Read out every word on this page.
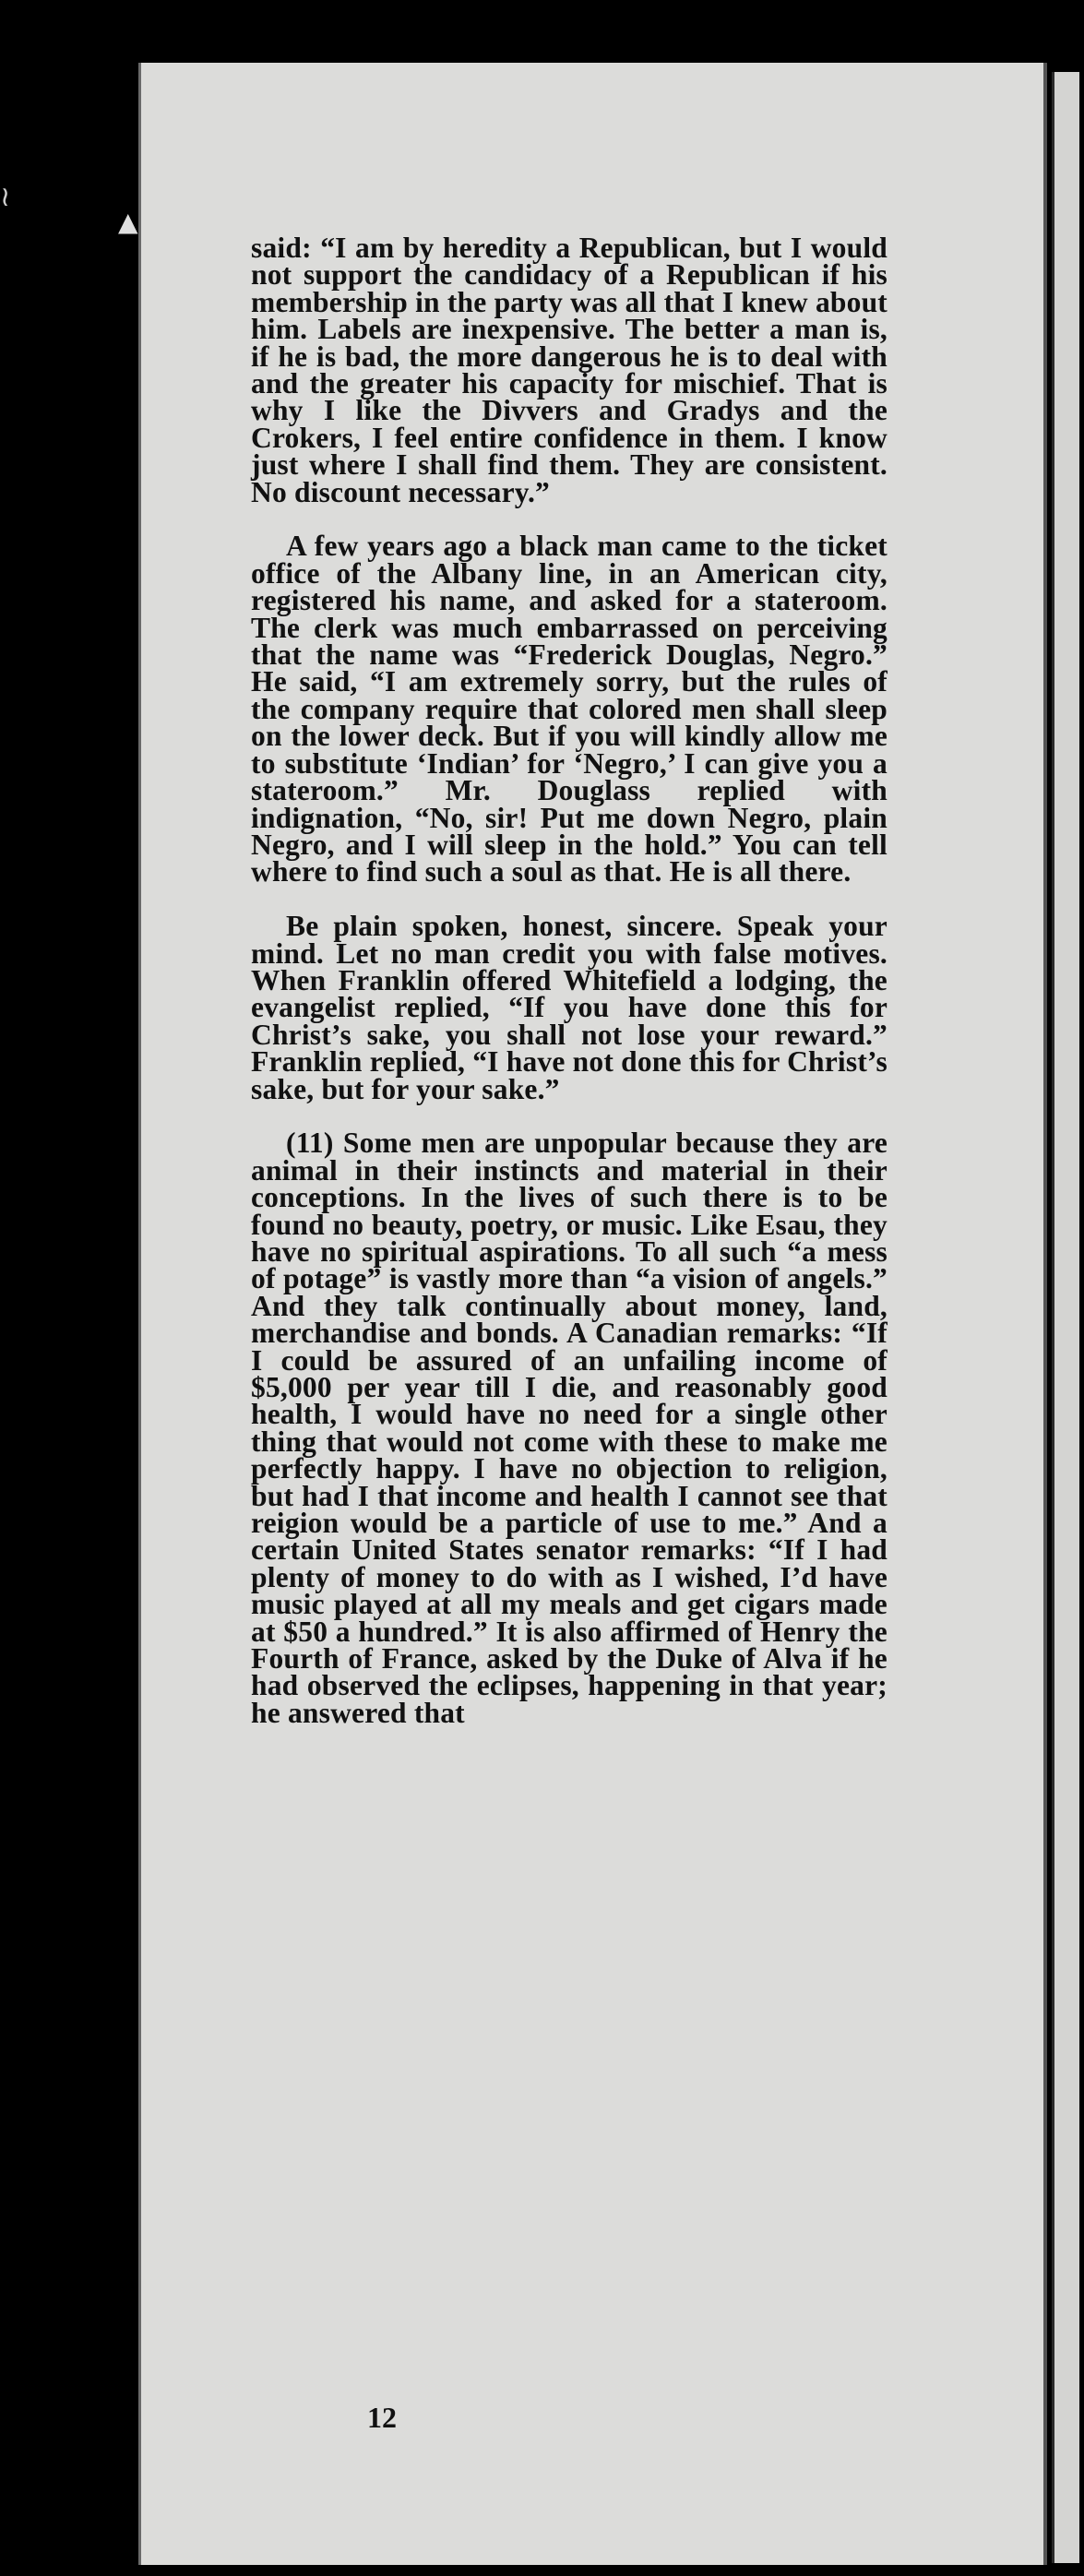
≀
▲

said: “I am by heredity a Republican, but I would not support the candidacy of a Republican if his membership in the party was all that I knew about him. Labels are inexpensive. The better a man is, if he is bad, the more dangerous he is to deal with and the greater his capacity for mischief. That is why I like the Divvers and Gradys and the Crokers, I feel entire confidence in them. I know just where I shall find them. They are consistent. No discount necessary.”

A few years ago a black man came to the ticket office of the Albany line, in an American city, registered his name, and asked for a stateroom. The clerk was much embarrassed on perceiving that the name was “Frederick Douglas, Negro.” He said, “I am extremely sorry, but the rules of the company require that colored men shall sleep on the lower deck. But if you will kindly allow me to substitute ‘Indian’ for ‘Negro,’ I can give you a stateroom.” Mr. Douglass replied with indignation, “No, sir! Put me down Negro, plain Negro, and I will sleep in the hold.” You can tell where to find such a soul as that. He is all there.

Be plain spoken, honest, sincere. Speak your mind. Let no man credit you with false motives. When Franklin offered Whitefield a lodging, the evangelist replied, “If you have done this for Christ’s sake, you shall not lose your reward.” Franklin replied, “I have not done this for Christ’s sake, but for your sake.”

(11) Some men are unpopular because they are animal in their instincts and material in their conceptions. In the lives of such there is to be found no beauty, poetry, or music. Like Esau, they have no spiritual aspirations. To all such “a mess of potage” is vastly more than “a vision of angels.” And they talk continually about money, land, merchandise and bonds. A Canadian remarks: “If I could be assured of an unfailing income of $5,000 per year till I die, and reasonably good health, I would have no need for a single other thing that would not come with these to make me perfectly happy. I have no objection to religion, but had I that income and health I cannot see that reigion would be a particle of use to me.” And a certain United States senator remarks: “If I had plenty of money to do with as I wished, I’d have music played at all my meals and get cigars made at $50 a hundred.” It is also affirmed of Henry the Fourth of France, asked by the Duke of Alva if he had observed the eclipses, happening in that year; he answered that

12
